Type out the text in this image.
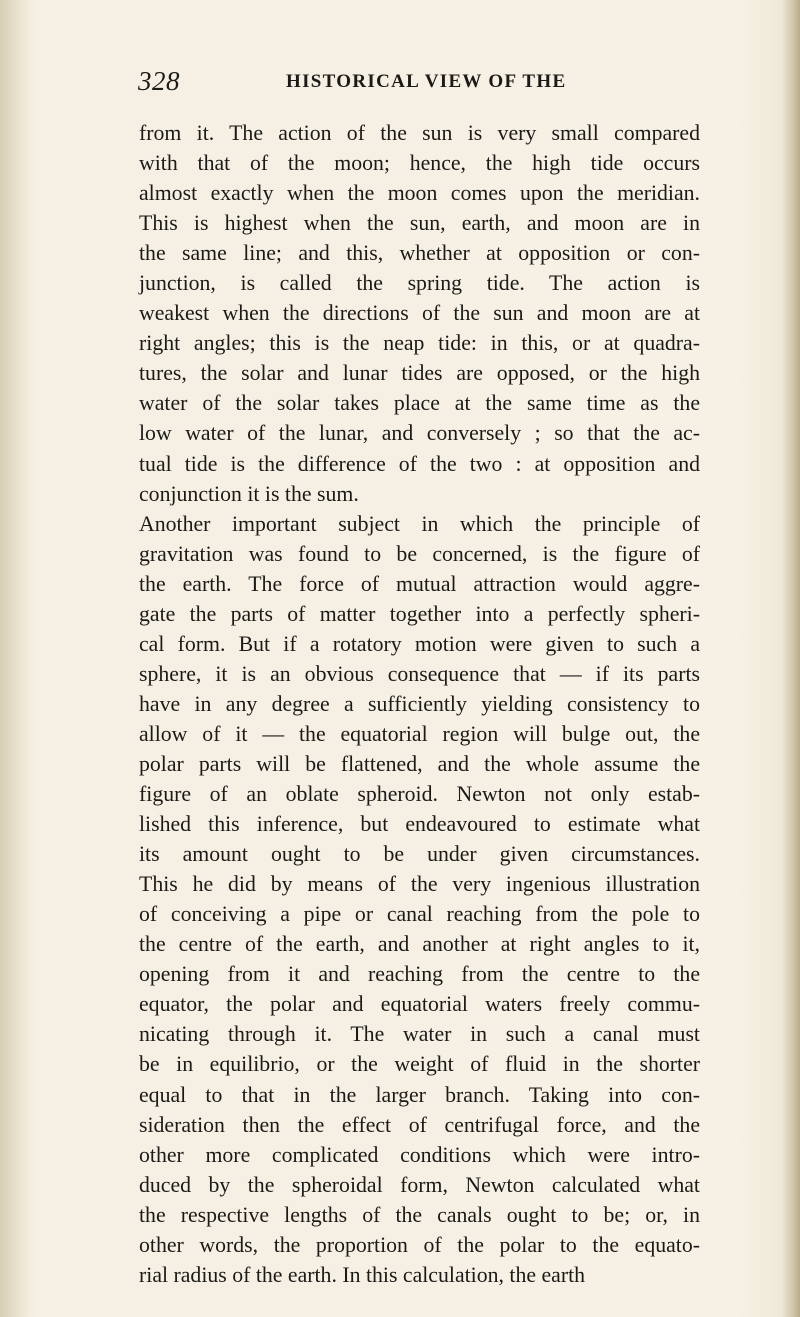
328	HISTORICAL VIEW OF THE
from it. The action of the sun is very small compared
with that of the moon; hence, the high tide occurs
almost exactly when the moon comes upon the meridian.
This is highest when the sun, earth, and moon are in
the same line; and this, whether at opposition or con-
junction, is called the spring tide. The action is
weakest when the directions of the sun and moon are at
right angles; this is the neap tide: in this, or at quadra-
tures, the solar and lunar tides are opposed, or the high
water of the solar takes place at the same time as the
low water of the lunar, and conversely ; so that the ac-
tual tide is the difference of the two : at opposition and
conjunction it is the sum.
Another important subject in which the principle of
gravitation was found to be concerned, is the figure of
the earth. The force of mutual attraction would aggre-
gate the parts of matter together into a perfectly spheri-
cal form. But if a rotatory motion were given to such a
sphere, it is an obvious consequence that — if its parts
have in any degree a sufficiently yielding consistency to
allow of it — the equatorial region will bulge out, the
polar parts will be flattened, and the whole assume the
figure of an oblate spheroid. Newton not only estab-
lished this inference, but endeavoured to estimate what
its amount ought to be under given circumstances.
This he did by means of the very ingenious illustration
of conceiving a pipe or canal reaching from the pole to
the centre of the earth, and another at right angles to it,
opening from it and reaching from the centre to the
equator, the polar and equatorial waters freely commu-
nicating through it. The water in such a canal must
be in equilibrio, or the weight of fluid in the shorter
equal to that in the larger branch. Taking into con-
sideration then the effect of centrifugal force, and the
other more complicated conditions which were intro-
duced by the spheroidal form, Newton calculated what
the respective lengths of the canals ought to be; or, in
other words, the proportion of the polar to the equato-
rial radius of the earth. In this calculation, the earth
